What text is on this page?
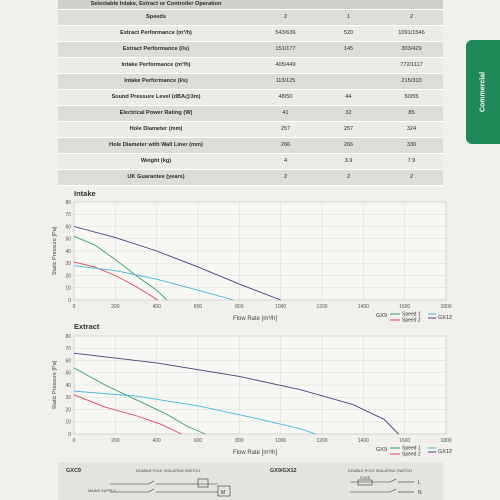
Selectable Intake, Extract or Controller Operation			
Speeds	2	1	2
Extract Performance (m³/h)	543/636	520	1091/1546
Extract Performance (l/s)	151/177	145	303/429
Intake Performance (m³/h)	405/449		772/1117
Intake Performance (l/s)	113/125		215/310
Sound Pressure Level (dBA@3m)	48/50	44	50/55
Electrical Power Rating (W)	41	32	85
Hole Diameter (mm)	257	257	324
Hole Diameter with Wall Liner (mm)	266	266	330
Weight (kg)	4	3.9	7.9
UK Guarantee (years)	2	2	2
Commercial
Intake
0
10
20
30
40
50
60
70
80
0	200	400	600	800	1000	1200	1400	1600	1800
Flow Rate [m³/h]
Static Pressure [Pa]
GX9	Speed 1
Speed 2	GX12
Extract
0
10
20
30
40
50
60
70
80
0	200	400	600	800	1000	1200	1400	1600	1800
Flow Rate [m³/h]
Static Pressure [Pa]
GX9	Speed 1
Speed 2	GX12
GXC9	DOUBLE POLE ISOLATING SWITCH
MAINS SUPPLY
GX9/GX12	DOUBLE POLE ISOLATING SWITCH
FUSE
M
L
N
